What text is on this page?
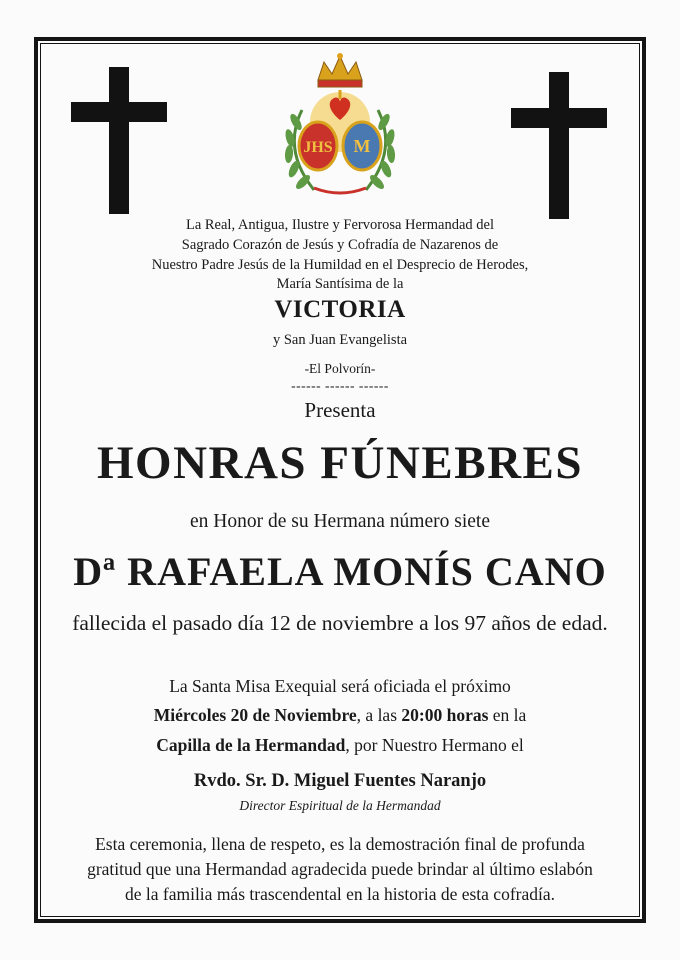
JHS M
La Real, Antigua, Ilustre y Fervorosa Hermandad del
Sagrado Corazón de Jesús y Cofradía de Nazarenos de
Nuestro Padre Jesús de la Humildad en el Desprecio de Herodes,
María Santísima de la
VICTORIA
y San Juan Evangelista
-El Polvorín-
------ ------ ------
Presenta
HONRAS FÚNEBRES
en Honor de su Hermana número siete
Dª RAFAELA MONÍS CANO
fallecida el pasado día 12 de noviembre a los 97 años de edad.
La Santa Misa Exequial será oficiada el próximo
Miércoles 20 de Noviembre, a las 20:00 horas en la
Capilla de la Hermandad, por Nuestro Hermano el
Rvdo. Sr. D. Miguel Fuentes Naranjo
Director Espiritual de la Hermandad
Esta ceremonia, llena de respeto, es la demostración final de profunda gratitud que una Hermandad agradecida puede brindar al último eslabón de la familia más trascendental en la historia de esta cofradía.
